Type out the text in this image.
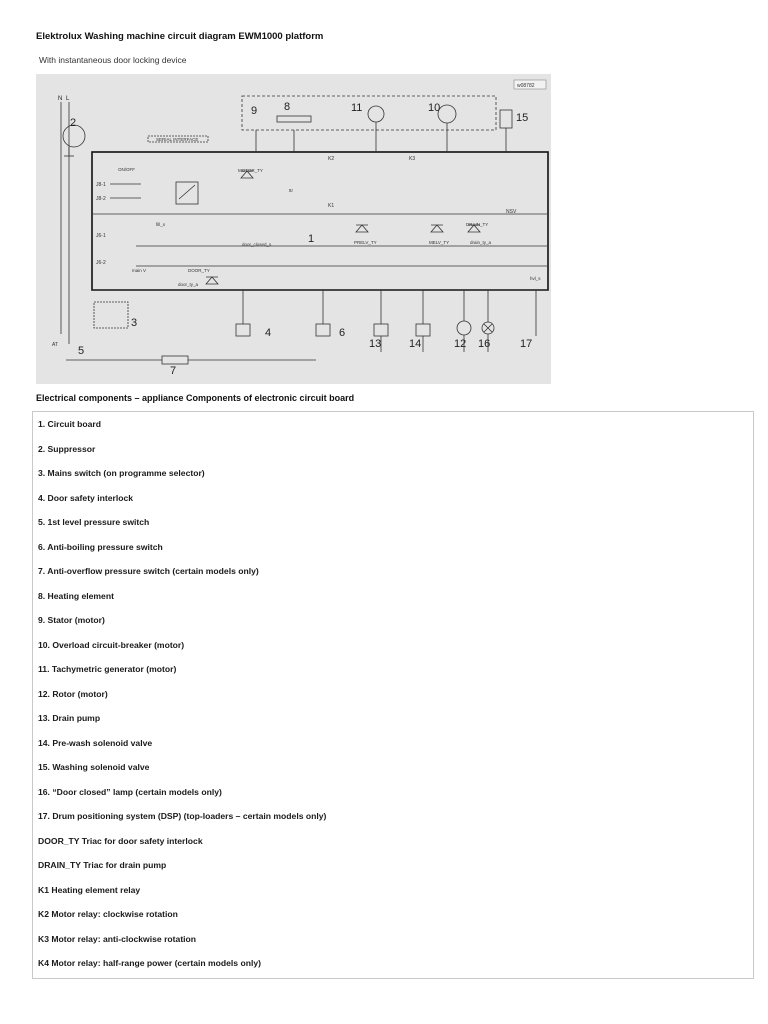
Elektrolux Washing machine circuit diagram EWM1000 platform
With instantaneous door locking device
w08782
N L
2
1
SERIAL INTERFACE
ON/OFF
J8-1
J8-2
J6-1
J6-2
main V
fill_s
MOTOR_TY
ttr
K2	K3
K1
NSV
door_closed_s
DOOR_TY
door_ty_a
PRELV_TY	MELV_TY
DRAIN_TY
drain_ty_a
hvl_s
9 8	11	10
15
3
4
5
AT
6
7
13	14	12 16	17
Electrical components – appliance Components of electronic circuit board
1. Circuit board
2. Suppressor
3. Mains switch (on programme selector)
4. Door safety interlock
5. 1st level pressure switch
6. Anti-boiling pressure switch
7. Anti-overflow pressure switch (certain models only)
8. Heating element
9. Stator (motor)
10. Overload circuit-breaker (motor)
11. Tachymetric generator (motor)
12. Rotor (motor)
13. Drain pump
14. Pre-wash solenoid valve
15. Washing solenoid valve
16. “Door closed” lamp (certain models only)
17. Drum positioning system (DSP) (top-loaders – certain models only)
DOOR_TY Triac for door safety interlock
DRAIN_TY Triac for drain pump
K1 Heating element relay
K2 Motor relay: clockwise rotation
K3 Motor relay: anti-clockwise rotation
K4 Motor relay: half-range power (certain models only)
